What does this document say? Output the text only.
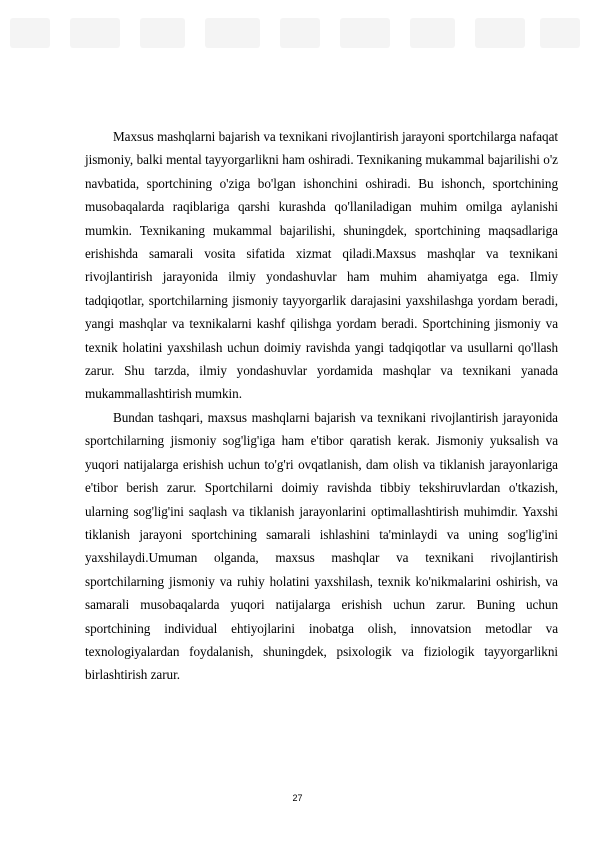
Maxsus mashqlarni bajarish va texnikani rivojlantirish jarayoni sportchilarga nafaqat jismoniy, balki mental tayyorgarlikni ham oshiradi. Texnikaning mukammal bajarilishi o'z navbatida, sportchining o'ziga bo'lgan ishonchini oshiradi. Bu ishonch, sportchining musobaqalarda raqiblariga qarshi kurashda qo'llaniladigan muhim omilga aylanishi mumkin. Texnikaning mukammal bajarilishi, shuningdek, sportchining maqsadlariga erishishda samarali vosita sifatida xizmat qiladi.Maxsus mashqlar va texnikani rivojlantirish jarayonida ilmiy yondashuvlar ham muhim ahamiyatga ega. Ilmiy tadqiqotlar, sportchilarning jismoniy tayyorgarlik darajasini yaxshilashga yordam beradi, yangi mashqlar va texnikalarni kashf qilishga yordam beradi. Sportchining jismoniy va texnik holatini yaxshilash uchun doimiy ravishda yangi tadqiqotlar va usullarni qo'llash zarur. Shu tarzda, ilmiy yondashuvlar yordamida mashqlar va texnikani yanada mukammallashtirish mumkin.

Bundan tashqari, maxsus mashqlarni bajarish va texnikani rivojlantirish jarayonida sportchilarning jismoniy sog'lig'iga ham e'tibor qaratish kerak. Jismoniy yuksalish va yuqori natijalarga erishish uchun to'g'ri ovqatlanish, dam olish va tiklanish jarayonlariga e'tibor berish zarur. Sportchilarni doimiy ravishda tibbiy tekshiruvlardan o'tkazish, ularning sog'lig'ini saqlash va tiklanish jarayonlarini optimallashtirish muhimdir. Yaxshi tiklanish jarayoni sportchining samarali ishlashini ta'minlaydi va uning sog'lig'ini yaxshilaydi.Umuman olganda, maxsus mashqlar va texnikani rivojlantirish sportchilarning jismoniy va ruhiy holatini yaxshilash, texnik ko'nikmalarini oshirish, va samarali musobaqalarda yuqori natijalarga erishish uchun zarur. Buning uchun sportchining individual ehtiyojlarini inobatga olish, innovatsion metodlar va texnologiyalardan foydalanish, shuningdek, psixologik va fiziologik tayyorgarlikni birlashtirish zarur.

27
